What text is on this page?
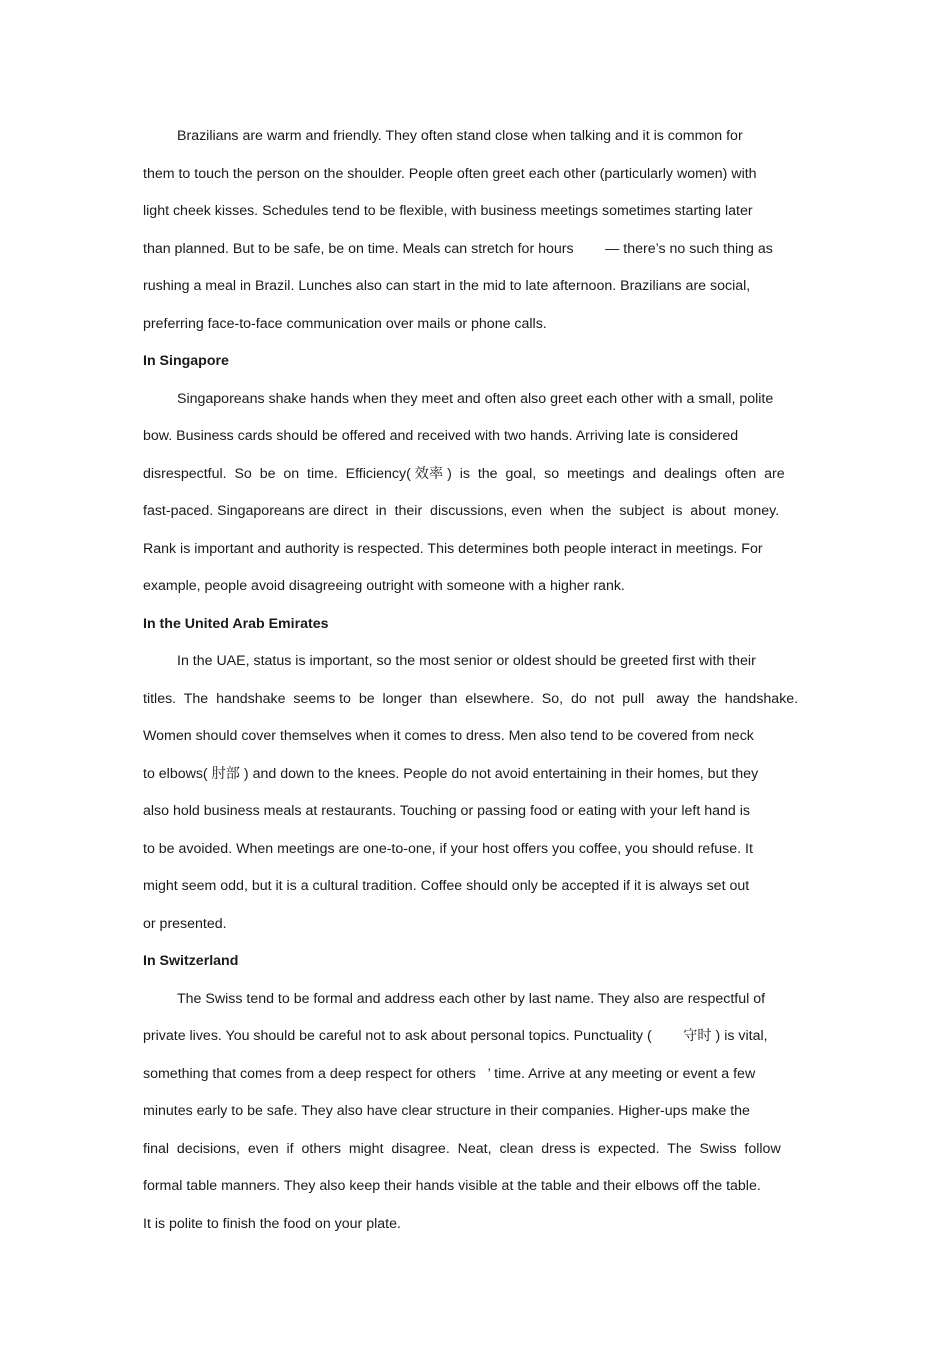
Brazilians are warm and friendly. They often stand close when talking and it is common for

them to touch the person on the shoulder. People often greet each other (particularly women) with

light cheek kisses. Schedules tend to be flexible, with business meetings sometimes starting later

than planned. But to be safe, be on time. Meals can stretch for hours        — there’s no such thing as

rushing a meal in Brazil. Lunches also can start in the mid to late afternoon. Brazilians are social,

preferring face-to-face communication over mails or phone calls.

In Singapore

Singaporeans shake hands when they meet and often also greet each other with a small, polite

bow. Business cards should be offered and received with two hands. Arriving late is considered

disrespectful.  So  be  on  time.  Efficiency( 效率 )  is  the  goal,  so  meetings  and  dealings  often  are

fast-paced. Singaporeans are direct  in  their  discussions, even  when  the  subject  is  about  money.

Rank is important and authority is respected. This determines both people interact in meetings. For

example, people avoid disagreeing outright with someone with a higher rank.

In the United Arab Emirates

In the UAE, status is important, so the most senior or oldest should be greeted first with their

titles.  The  handshake  seems to  be  longer  than  elsewhere.  So,  do  not  pull   away  the  handshake.

Women should cover themselves when it comes to dress. Men also tend to be covered from neck

to elbows( 肘部 ) and down to the knees. People do not avoid entertaining in their homes, but they

also hold business meals at restaurants. Touching or passing food or eating with your left hand is

to be avoided. When meetings are one-to-one, if your host offers you coffee, you should refuse. It

might seem odd, but it is a cultural tradition. Coffee should only be accepted if it is always set out

or presented.

In Switzerland

The Swiss tend to be formal and address each other by last name. They also are respectful of

private lives. You should be careful not to ask about personal topics. Punctuality (        守时 ) is vital,

something that comes from a deep respect for others   ’ time. Arrive at any meeting or event a few

minutes early to be safe. They also have clear structure in their companies. Higher-ups make the

final  decisions,  even  if  others  might  disagree.  Neat,  clean  dress is  expected.  The  Swiss  follow

formal table manners. They also keep their hands visible at the table and their elbows off the table.

It is polite to finish the food on your plate.
